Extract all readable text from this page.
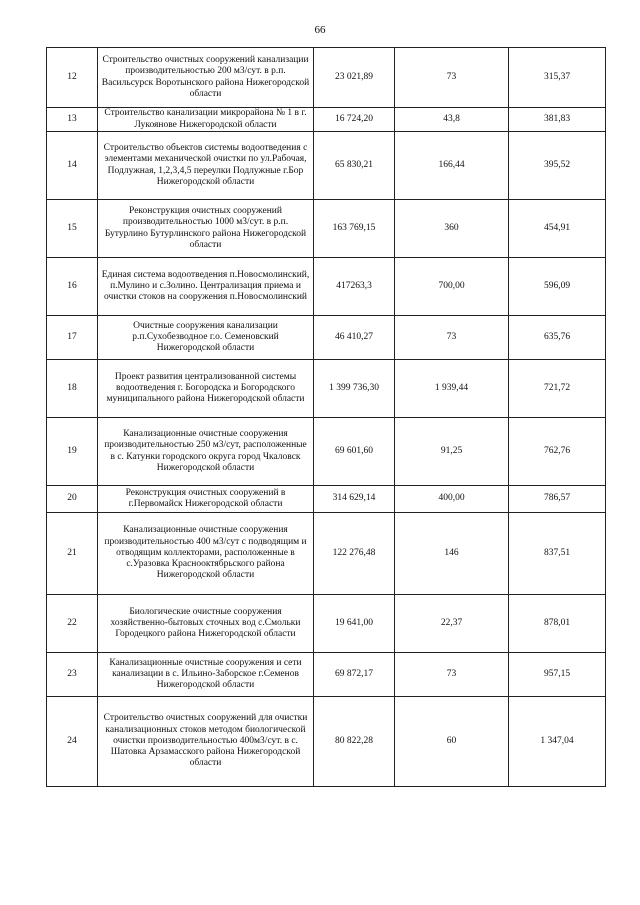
66
12	Строительство очистных сооружений канализации производительностью 200 м3/сут. в р.п. Васильсурск Воротынского района Нижегородской области	23 021,89	73	315,37
13	Строительство канализации микрорайона № 1 в г. Лукоянове Нижегородской области	16 724,20	43,8	381,83
14	Строительство объектов системы водоотведения с элементами механической очистки по ул.Рабочая, Подлужная, 1,2,3,4,5 переулки Подлужные г.Бор Нижегородской области	65 830,21	166,44	395,52
15	Реконструкция очистных сооружений производительностью 1000 м3/сут. в р.п. Бутурлино Бутурлинского района Нижегородской области	163 769,15	360	454,91
16	Единая система водоотведения п.Новосмолинский, п.Мулино и с.Золино. Централизация приема и очистки стоков на сооружения п.Новосмолинский	417263,3	700,00	596,09
17	Очистные сооружения канализации р.п.Сухобезводное г.о. Семеновский Нижегородской области	46 410,27	73	635,76
18	Проект развития централизованной системы водоотведения г. Богородска и Богородского муниципального района Нижегородской области	1 399 736,30	1 939,44	721,72
19	Канализационные очистные сооружения производительностью 250 м3/сут, расположенные в с. Катунки городского округа город Чкаловск Нижегородской области	69 601,60	91,25	762,76
20	Реконструкция очистных сооружений в г.Первомайск Нижегородской области	314 629,14	400,00	786,57
21	Канализационные очистные сооружения производительностью 400 м3/сут с подводящим и отводящим коллекторами, расположенные в с.Уразовка Краснооктябрьского района Нижегородской области	122 276,48	146	837,51
22	Биологические очистные сооружения хозяйственно-бытовых сточных вод с.Смольки Городецкого района Нижегородской области	19 641,00	22,37	878,01
23	Канализационные очистные сооружения и сети канализации в с. Ильино-Заборское г.Семенов Нижегородской области	69 872,17	73	957,15
24	Строительство очистных сооружений для очистки канализационных стоков методом биологической очистки производительностью 400м3/сут. в с. Шатовка Арзамасского района Нижегородской области	80 822,28	60	1 347,04
